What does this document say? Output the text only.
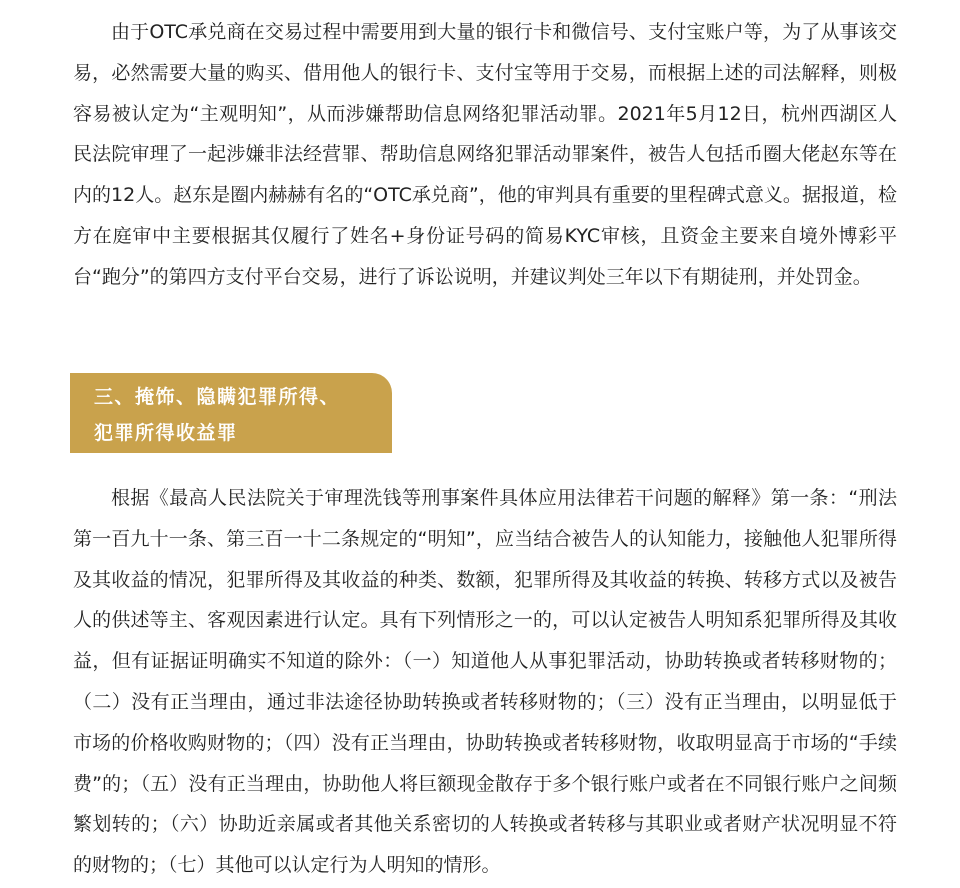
由于OTC承兑商在交易过程中需要用到大量的银行卡和微信号、支付宝账户等，为了从事该交易，必然需要大量的购买、借用他人的银行卡、支付宝等用于交易，而根据上述的司法解释，则极容易被认定为“主观明知”，从而涉嫌帮助信息网络犯罪活动罪。2021年5月12日，杭州西湖区人民法院审理了一起涉嫌非法经营罪、帮助信息网络犯罪活动罪案件，被告人包括币圈大佬赵东等在内的12人。赵东是圈内赫赫有名的“OTC承兑商”，他的审判具有重要的里程碑式意义。据报道，检方在庭审中主要根据其仅履行了姓名+身份证号码的简易KYC审核，且资金主要来自境外博彩平台“跑分”的第四方支付平台交易，进行了诉讼说明，并建议判处三年以下有期徒刑，并处罚金。

三、掩饰、隐瞒犯罪所得、
犯罪所得收益罪

根据《最高人民法院关于审理洗钱等刑事案件具体应用法律若干问题的解释》第一条：“刑法第一百九十一条、第三百一十二条规定的“明知”，应当结合被告人的认知能力，接触他人犯罪所得及其收益的情况，犯罪所得及其收益的种类、数额，犯罪所得及其收益的转换、转移方式以及被告人的供述等主、客观因素进行认定。具有下列情形之一的，可以认定被告人明知系犯罪所得及其收益，但有证据证明确实不知道的除外：（一）知道他人从事犯罪活动，协助转换或者转移财物的；（二）没有正当理由，通过非法途径协助转换或者转移财物的；（三）没有正当理由，以明显低于市场的价格收购财物的；（四）没有正当理由，协助转换或者转移财物，收取明显高于市场的“手续费”的；（五）没有正当理由，协助他人将巨额现金散存于多个银行账户或者在不同银行账户之间频繁划转的；（六）协助近亲属或者其他关系密切的人转换或者转移与其职业或者财产状况明显不符的财物的；（七）其他可以认定行为人明知的情形。
